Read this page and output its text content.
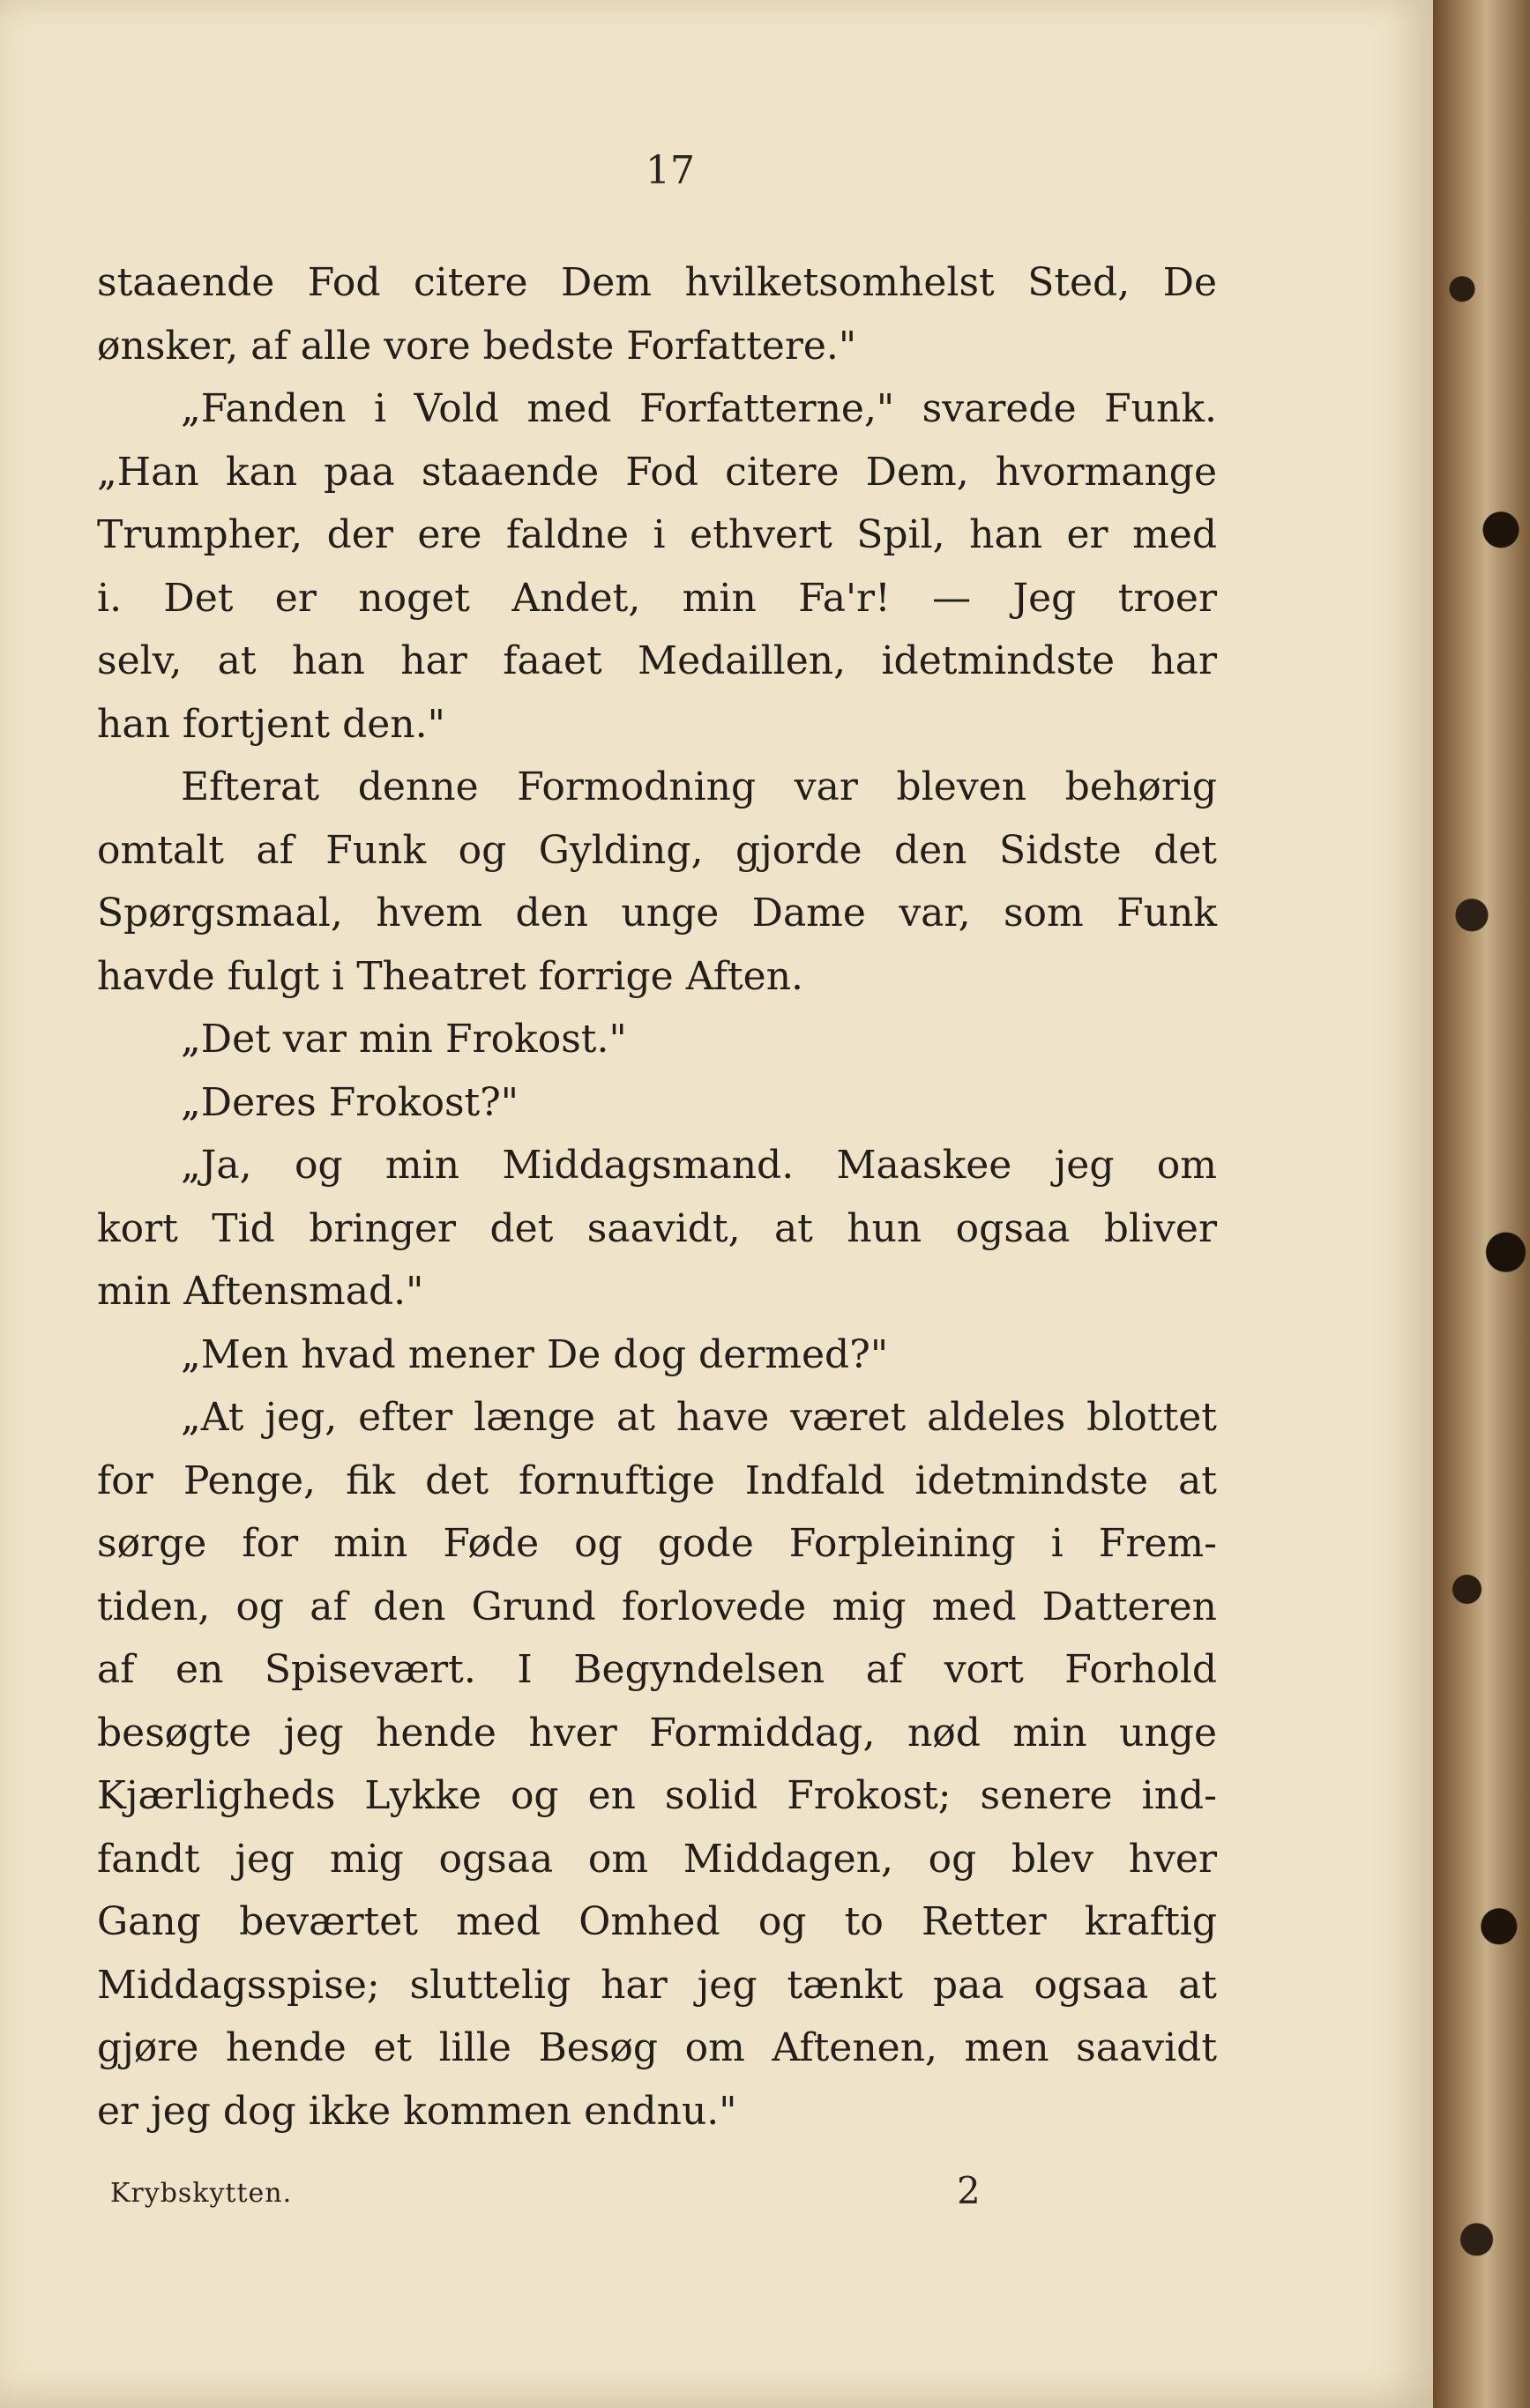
17
staaende Fod citere Dem hvilketsomhelst Sted, De
ønsker, af alle vore bedste Forfattere."
„Fanden i Vold med Forfatterne," svarede Funk.
„Han kan paa staaende Fod citere Dem, hvormange
Trumpher, der ere faldne i ethvert Spil, han er med
i. Det er noget Andet, min Fa'r! — Jeg troer
selv, at han har faaet Medaillen, idetmindste har
han fortjent den."
Efterat denne Formodning var bleven behørig
omtalt af Funk og Gylding, gjorde den Sidste det
Spørgsmaal, hvem den unge Dame var, som Funk
havde fulgt i Theatret forrige Aften.
„Det var min Frokost."
„Deres Frokost?"
„Ja, og min Middagsmand. Maaskee jeg om
kort Tid bringer det saavidt, at hun ogsaa bliver
min Aftensmad."
„Men hvad mener De dog dermed?"
„At jeg, efter længe at have været aldeles blottet
for Penge, fik det fornuftige Indfald idetmindste at
sørge for min Føde og gode Forpleining i Frem-
tiden, og af den Grund forlovede mig med Datteren
af en Spisevært. I Begyndelsen af vort Forhold
besøgte jeg hende hver Formiddag, nød min unge
Kjærligheds Lykke og en solid Frokost; senere ind-
fandt jeg mig ogsaa om Middagen, og blev hver
Gang beværtet med Omhed og to Retter kraftig
Middagsspise; sluttelig har jeg tænkt paa ogsaa at
gjøre hende et lille Besøg om Aftenen, men saavidt
er jeg dog ikke kommen endnu."
Krybskytten.	2
